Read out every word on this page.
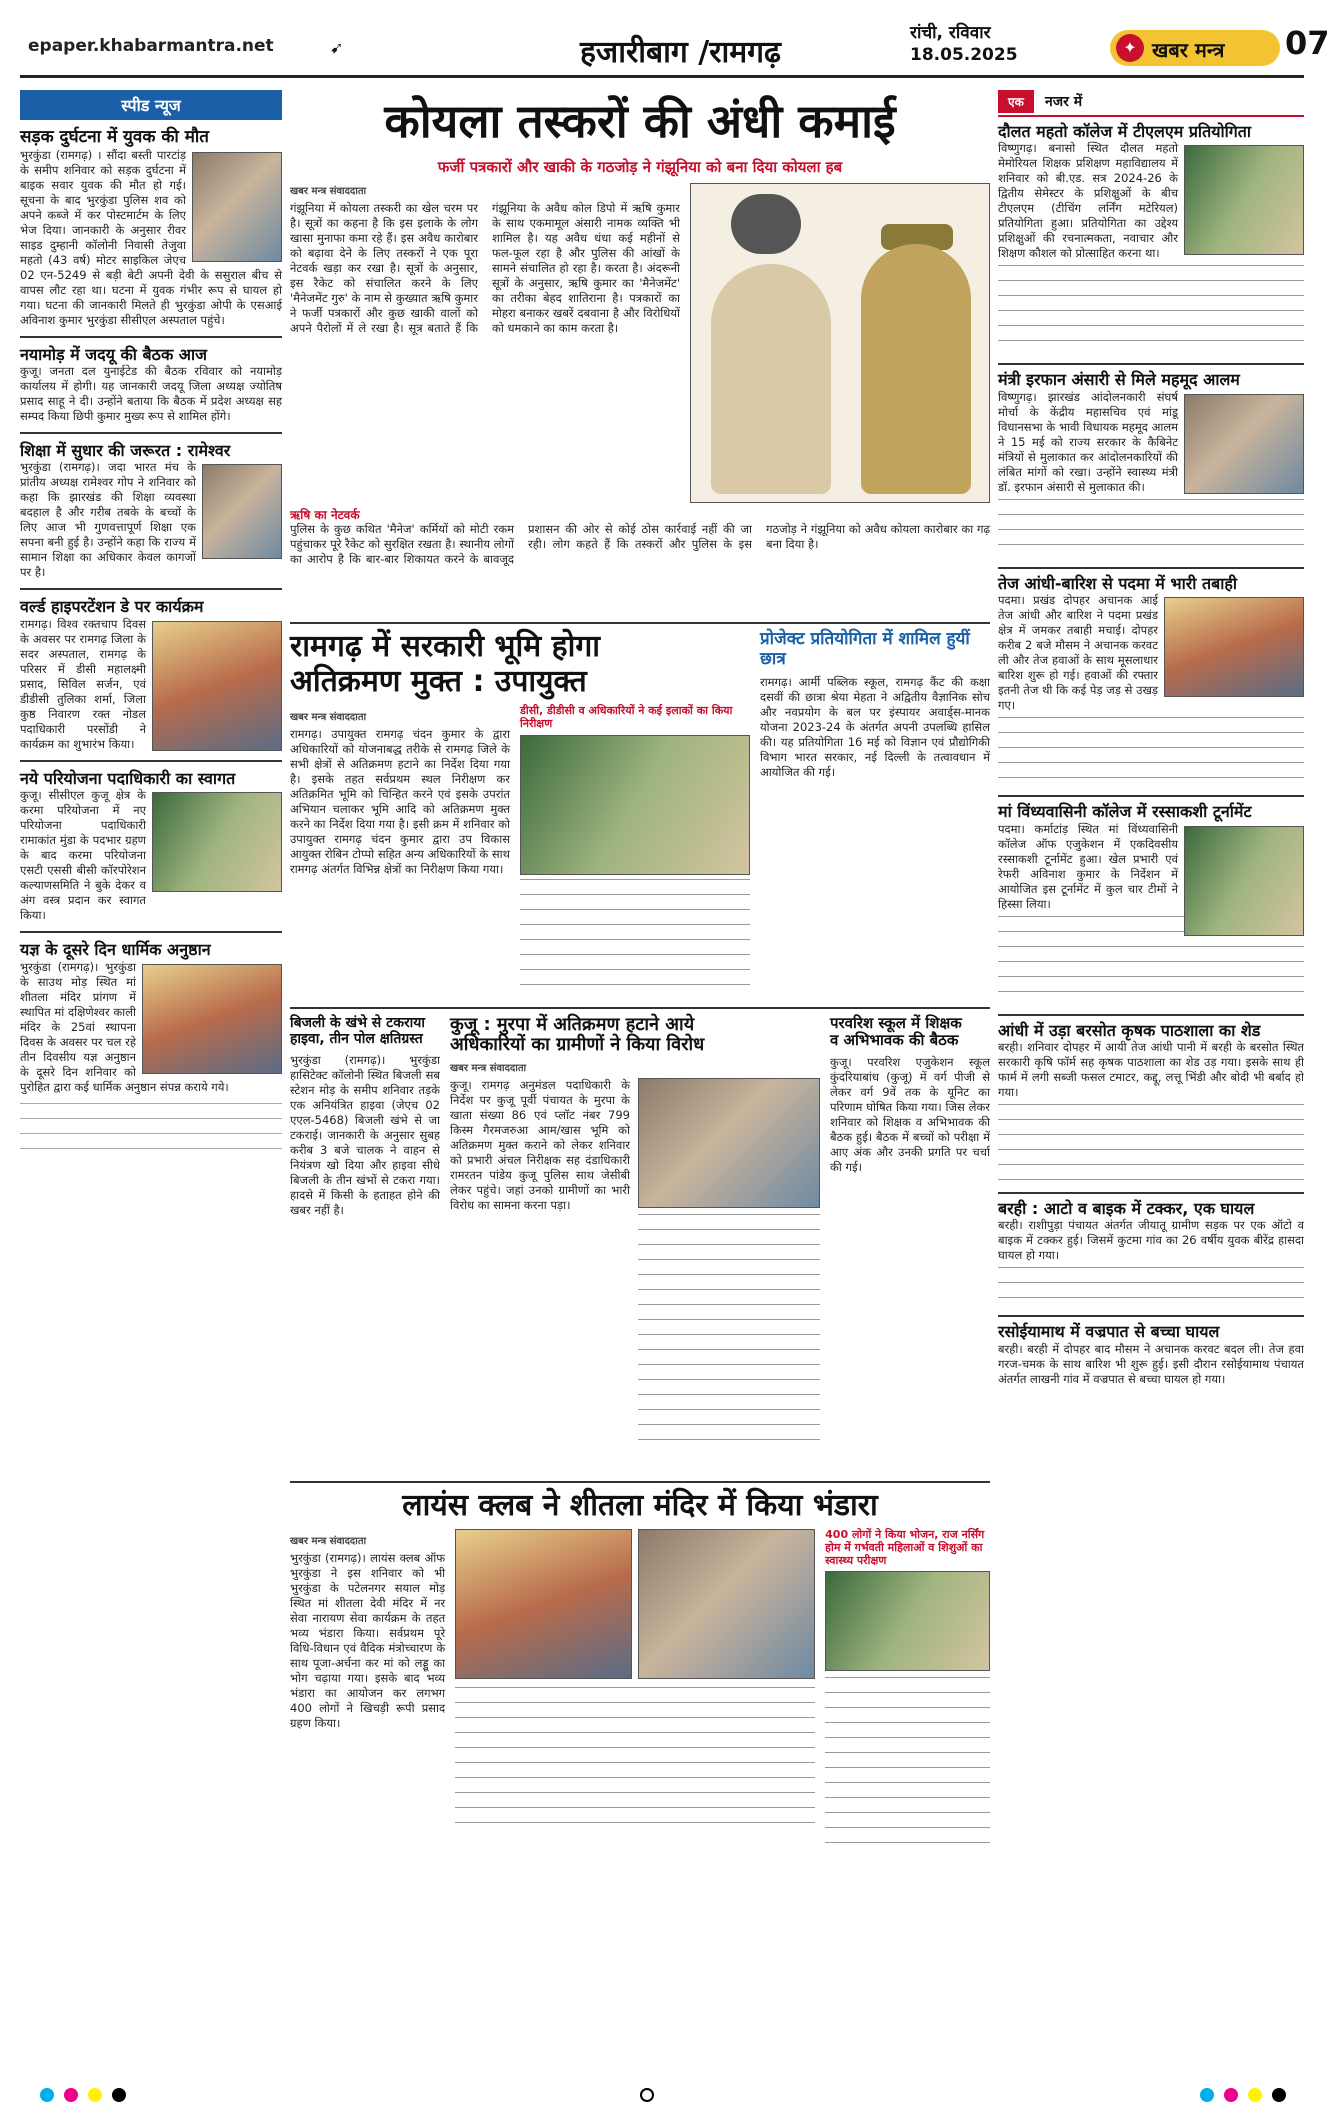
epaper.khabarmantra.net	➹	हजारीबाग /रामगढ़
रांची, रविवार
18.05.2025	✦ खबर मन्त्र 07
स्पीड न्यूज
सड़क दुर्घटना में युवक की मौत
भुरकुंडा (रामगढ़) । सौंदा बस्ती पारटांड़ के समीप शनिवार को सड़क दुर्घटना में बाइक सवार युवक की मौत हो गई। सूचना के बाद भुरकुंडा पुलिस शव को अपने कब्जे में कर पोस्टमार्टम के लिए भेज दिया। जानकारी के अनुसार रीवर साइड दुम्हानी कॉलोनी निवासी तेजुवा महतो (43 वर्ष) मोटर साइकिल जेएच 02 एन-5249 से बड़ी बेटी अपनी देवी के ससुराल बीच से वापस लौट रहा था। घटना में युवक गंभीर रूप से घायल हो गया। घटना की जानकारी मिलते ही भुरकुंडा ओपी के एसआई अविनाश कुमार भुरकुंडा सीसीएल अस्पताल पहुंचे।
नयामोड़ में जदयू की बैठक आज
कुजू। जनता दल युनाईटेड की बैठक रविवार को नयामोड़ कार्यालय में होगी। यह जानकारी जदयू जिला अध्यक्ष ज्योतिष प्रसाद साहू ने दी। उन्होंने बताया कि बैठक में प्रदेश अध्यक्ष सह सम्पद किया छिपी कुमार मुख्य रूप से शामिल होंगे।
शिक्षा में सुधार की जरूरत : रामेश्वर
भुरकुंडा (रामगढ़)। जदा भारत मंच के प्रांतीय अध्यक्ष रामेश्वर गोप ने शनिवार को कहा कि झारखंड की शिक्षा व्यवस्था बदहाल है और गरीब तबके के बच्चों के लिए आज भी गुणवत्तापूर्ण शिक्षा एक सपना बनी हुई है। उन्होंने कहा कि राज्य में सामान शिक्षा का अधिकार केवल कागजों पर है।
वर्ल्ड हाइपरटेंशन डे पर कार्यक्रम
रामगढ़। विश्व रक्तचाप दिवस के अवसर पर रामगढ़ जिला के सदर अस्पताल, रामगढ़ के परिसर में डीसी महालक्ष्मी प्रसाद, सिविल सर्जन, एवं डीडीसी तुलिका शर्मा, जिला कुष्ठ निवारण रक्त नोडल पदाधिकारी परसोंडी ने कार्यक्रम का शुभारंभ किया।
नये परियोजना पदाधिकारी का स्वागत
कुजू। सीसीएल कुजू क्षेत्र के करमा परियोजना में नए परियोजना पदाधिकारी रामाकांत मुंडा के पदभार ग्रहण के बाद करमा परियोजना एसटी एससी बीसी कॉरपोरेशन कल्याणसमिति ने बुके देकर व अंग वस्त्र प्रदान कर स्वागत किया।
यज्ञ के दूसरे दिन धार्मिक अनुष्ठान
भुरकुंडा (रामगढ़)। भुरकुंडा के साउथ मोड़ स्थित मां शीतला मंदिर प्रांगण में स्थापित मां दक्षिणेश्वर काली मंदिर के 25वां स्थापना दिवस के अवसर पर चल रहे तीन दिवसीय यज्ञ अनुष्ठान के दूसरे दिन शनिवार को पुरोहित द्वारा कई धार्मिक अनुष्ठान संपन्न कराये गये।
कोयला तस्करों की अंधी कमाई
फर्जी पत्रकारों और खाकी के गठजोड़ ने गंझूनिया को बना दिया कोयला हब
खबर मन्त्र संवाददाता
गंझूनिया में कोयला तस्करी का खेल चरम पर है। सूत्रों का कहना है कि इस इलाके के लोग खासा मुनाफा कमा रहे हैं। इस अवैध कारोबार को बढ़ावा देने के लिए तस्करों ने एक पूरा नेटवर्क खड़ा कर रखा है। सूत्रों के अनुसार, इस रैकेट को संचालित करने के लिए 'मैनेजमेंट गुरु' के नाम से कुख्यात ऋषि कुमार ने फर्जी पत्रकारों और कुछ खाकी वालों को अपने पैरोलों में ले रखा है। सूत्र बताते हैं कि गंझूनिया के अवैध कोल डिपो में ऋषि कुमार के साथ एकमामूल अंसारी नामक व्यक्ति भी शामिल है। यह अवैध धंधा कई महीनों से फल-फूल रहा है और पुलिस की आंखों के सामने संचालित हो रहा है। करता है। अंदरूनी सूत्रों के अनुसार, ऋषि कुमार का 'मैनेजमेंट' का तरीका बेहद शातिराना है। पत्रकारों का मोहरा बनाकर खबरें दबवाना है और विरोधियों को धमकाने का काम करता है।
ऋषि का नेटवर्क
पुलिस के कुछ कथित 'मैनेज' कर्मियों को मोटी रकम पहुंचाकर पूरे रैकेट को सुरक्षित रखता है। स्थानीय लोगों का आरोप है कि बार-बार शिकायत करने के बावजूद प्रशासन की ओर से कोई ठोस कार्रवाई नहीं की जा रही। लोग कहते हैं कि तस्करों और पुलिस के इस गठजोड़ ने गंझूनिया को अवैध कोयला कारोबार का गढ़ बना दिया है।
रामगढ़ में सरकारी भूमि होगा
अतिक्रमण मुक्त : उपायुक्त
खबर मन्त्र संवाददाता
रामगढ़। उपायुक्त रामगढ़ चंदन कुमार के द्वारा अधिकारियों को योजनाबद्ध तरीके से रामगढ़ जिले के सभी क्षेत्रों से अतिक्रमण हटाने का निर्देश दिया गया है। इसके तहत सर्वप्रथम स्थल निरीक्षण कर अतिक्रमित भूमि को चिन्हित करने एवं इसके उपरांत अभियान चलाकर भूमि आदि को अतिक्रमण मुक्त करने का निर्देश दिया गया है। इसी क्रम में शनिवार को उपायुक्त रामगढ़ चंदन कुमार द्वारा उप विकास आयुक्त रोबिन टोप्पो सहित अन्य अधिकारियों के साथ रामगढ़ अंतर्गत विभिन्न क्षेत्रों का निरीक्षण किया गया।
डीसी, डीडीसी व अधिकारियों ने कई इलाकों का किया निरीक्षण
प्रोजेक्ट प्रतियोगिता में शामिल हुयीं छात्र
रामगढ़। आर्मी पब्लिक स्कूल, रामगढ़ कैंट की कक्षा दसवीं की छात्रा श्रेया मेहता ने अद्वितीय वैज्ञानिक सोच और नवप्रयोग के बल पर इंस्पायर अवार्ड्स-मानक योजना 2023-24 के अंतर्गत अपनी उपलब्धि हासिल की। यह प्रतियोगिता 16 मई को विज्ञान एवं प्रौद्योगिकी विभाग भारत सरकार, नई दिल्ली के तत्वावधान में आयोजित की गई।
बिजली के खंभे से टकराया
हाइवा, तीन पोल क्षतिग्रस्त
भुरकुंडा (रामगढ़)। भुरकुंडा हासिटेक्ट कॉलोनी स्थित बिजली सब स्टेशन मोड़ के समीप शनिवार तड़के एक अनियंत्रित हाइवा (जेएच 02 एएल-5468) बिजली खंभे से जा टकराई। जानकारी के अनुसार सुबह करीब 3 बजे चालक ने वाहन से नियंत्रण खो दिया और हाइवा सीधे बिजली के तीन खंभों से टकरा गया। हादसे में किसी के हताहत होने की खबर नहीं है।
कुजू : मुरपा में अतिक्रमण हटाने आये
अधिकारियों का ग्रामीणों ने किया विरोध
खबर मन्त्र संवाददाता
कुजू। रामगढ़ अनुमंडल पदाधिकारी के निर्देश पर कुजू पूर्वी पंचायत के मुरपा के खाता संख्या 86 एवं प्लॉट नंबर 799 किस्म गैरमजरुआ आम/खास भूमि को अतिक्रमण मुक्त कराने को लेकर शनिवार को प्रभारी अंचल निरीक्षक सह दंडाधिकारी रामरतन पांडेय कुजू पुलिस साथ जेसीबी लेकर पहुंचे। जहां उनको ग्रामीणों का भारी विरोध का सामना करना पड़ा।
परवरिश स्कूल में शिक्षक
व अभिभावक की बैठक
कुजू। परवरिश एजुकेशन स्कूल कुंदरियाबांध (कुजू) में वर्ग पीजी से लेकर वर्ग 9वें तक के यूनिट का परिणाम घोषित किया गया। जिस लेकर शनिवार को शिक्षक व अभिभावक की बैठक हुई। बैठक में बच्चों को परीक्षा में आए अंक और उनकी प्रगति पर चर्चा की गई।
लायंस क्लब ने शीतला मंदिर में किया भंडारा
खबर मन्त्र संवाददाता
भुरकुंडा (रामगढ़)। लायंस क्लब ऑफ भुरकुंडा ने इस शनिवार को भी भुरकुंडा के पटेलनगर सयाल मोड़ स्थित मां शीतला देवी मंदिर में नर सेवा नारायण सेवा कार्यक्रम के तहत भव्य भंडारा किया। सर्वप्रथम पूरे विधि-विधान एवं वैदिक मंत्रोच्चारण के साथ पूजा-अर्चना कर मां को लड्डू का भोग चढ़ाया गया। इसके बाद भव्य भंडारा का आयोजन कर लगभग 400 लोगों ने खिचड़ी रूपी प्रसाद ग्रहण किया।
400 लोगों ने किया भोजन, राज नर्सिंग होम में गर्भवती महिलाओं व शिशुओं का स्वास्थ्य परीक्षण
एक नजर में
दौलत महतो कॉलेज में टीएलएम प्रतियोगिता
विष्णुगढ़। बनासो स्थित दौलत महतो मेमोरियल शिक्षक प्रशिक्षण महाविद्यालय में शनिवार को बी.एड. सत्र 2024-26 के द्वितीय सेमेस्टर के प्रशिक्षुओं के बीच टीएलएम (टीचिंग लर्निंग मटेरियल) प्रतियोगिता हुआ। प्रतियोगिता का उद्देश्य प्रशिक्षुओं की रचनात्मकता, नवाचार और शिक्षण कौशल को प्रोत्साहित करना था।
मंत्री इरफान अंसारी से मिले महमूद आलम
विष्णुगढ़। झारखंड आंदोलनकारी संघर्ष मोर्चा के केंद्रीय महासचिव एवं मांडू विधानसभा के भावी विधायक महमूद आलम ने 15 मई को राज्य सरकार के कैबिनेट मंत्रियों से मुलाकात कर आंदोलनकारियों की लंबित मांगों को रखा। उन्होंने स्वास्थ्य मंत्री डॉ. इरफान अंसारी से मुलाकात की।
तेज आंधी-बारिश से पदमा में भारी तबाही
पदमा। प्रखंड दोपहर अचानक आई तेज आंधी और बारिश ने पदमा प्रखंड क्षेत्र में जमकर तबाही मचाई। दोपहर करीब 2 बजे मौसम ने अचानक करवट ली और तेज हवाओं के साथ मूसलाधार बारिश शुरू हो गई। हवाओं की रफ्तार इतनी तेज थी कि कई पेड़ जड़ से उखड़ गए।
मां विंध्यवासिनी कॉलेज में रस्साकशी टूर्नामेंट
पदमा। कर्माटांड़ स्थित मां विंध्यवासिनी कॉलेज ऑफ एजुकेशन में एकदिवसीय रस्साकशी टूर्नामेंट हुआ। खेल प्रभारी एवं रेफरी अविनाश कुमार के निर्देशन में आयोजित इस टूर्नामेंट में कुल चार टीमों ने हिस्सा लिया।
आंधी में उड़ा बरसोत कृषक पाठशाला का शेड
बरही। शनिवार दोपहर में आयी तेज आंधी पानी में बरही के बरसोत स्थित सरकारी कृषि फॉर्म सह कृषक पाठशाला का शेड उड़ गया। इसके साथ ही फार्म में लगी सब्जी फसल टमाटर, कद्दू, लत्तू भिंडी और बोदी भी बर्बाद हो गया।
बरही : आटो व बाइक में टक्कर, एक घायल
बरही। राशीपुड़ा पंचायत अंतर्गत जीयातू ग्रामीण सड़क पर एक ऑटो व बाइक में टक्कर हुई। जिसमें कुटमा गांव का 26 वर्षीय युवक बीरेंद्र हासदा घायल हो गया।
रसोईयामाथ में वज्रपात से बच्चा घायल
बरही। बरही में दोपहर बाद मौसम ने अचानक करवट बदल ली। तेज हवा गरज-चमक के साथ बारिश भी शुरू हुई। इसी दौरान रसोईयामाथ पंचायत अंतर्गत लाखनी गांव में वज्रपात से बच्चा घायल हो गया।
